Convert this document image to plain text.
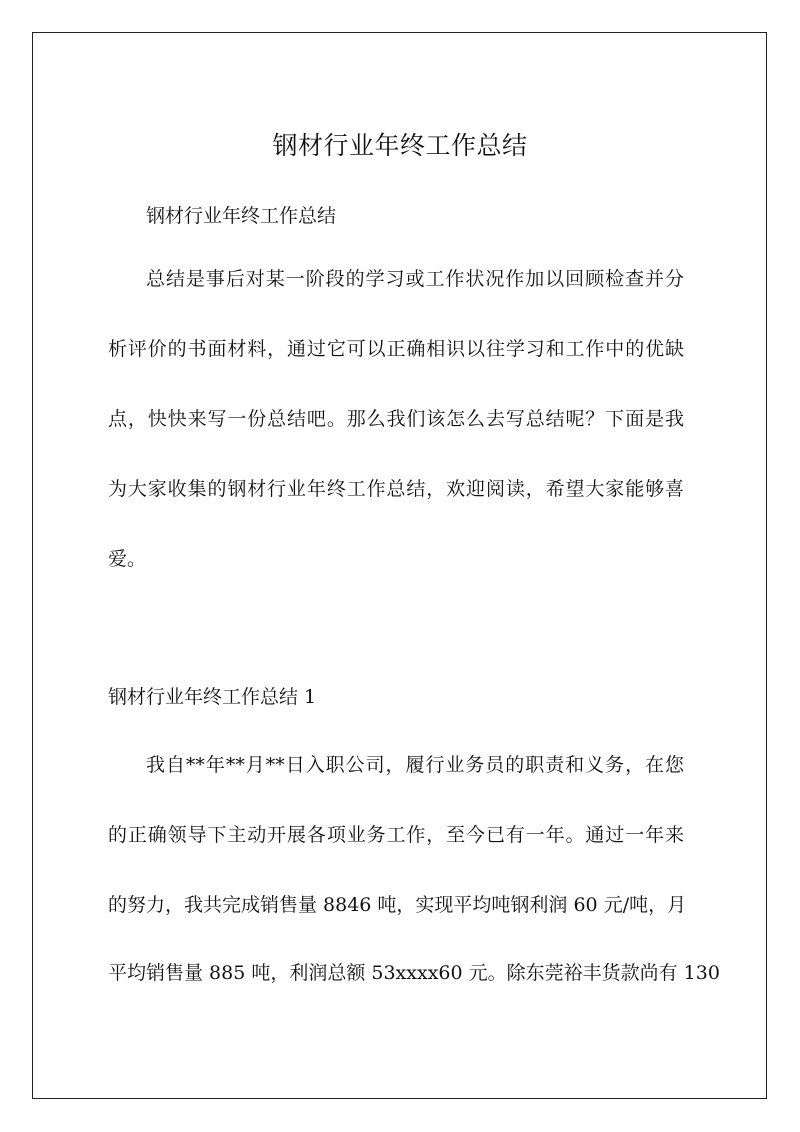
钢材行业年终工作总结
钢材行业年终工作总结
总结是事后对某一阶段的学习或工作状况作加以回顾检查并分
析评价的书面材料，通过它可以正确相识以往学习和工作中的优缺
点，快快来写一份总结吧。那么我们该怎么去写总结呢？下面是我
为大家收集的钢材行业年终工作总结，欢迎阅读，希望大家能够喜
爱。
钢材行业年终工作总结 1
我自**年**月**日入职公司，履行业务员的职责和义务，在您
的正确领导下主动开展各项业务工作，至今已有一年。通过一年来
的努力，我共完成销售量 8846 吨，实现平均吨钢利润 60 元/吨，月
平均销售量 885 吨，利润总额 53xxxx60 元。除东莞裕丰货款尚有 130
